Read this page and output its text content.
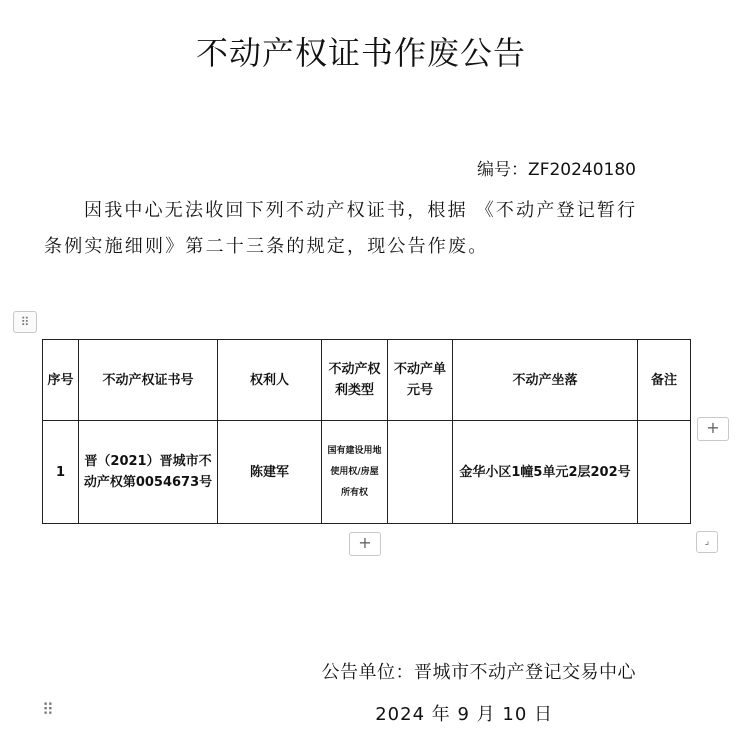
不动产权证书作废公告
编号：ZF20240180

因我中心无法收回下列不动产权证书，根据 《不动产登记暂行条例实施细则》第二十三条的规定，现公告作废。

⠿
序号	不动产权证书号	权利人	不动产权利类型	不动产单元号	不动产坐落	备注
1	晋（2021）晋城市不动产权第0054673号	陈建军	国有建设用地使用权/房屋所有权		金华小区1幢5单元2层202号	
+
+	⌟
公告单位：晋城市不动产登记交易中心
⠿	2024 年 9 月 10 日
